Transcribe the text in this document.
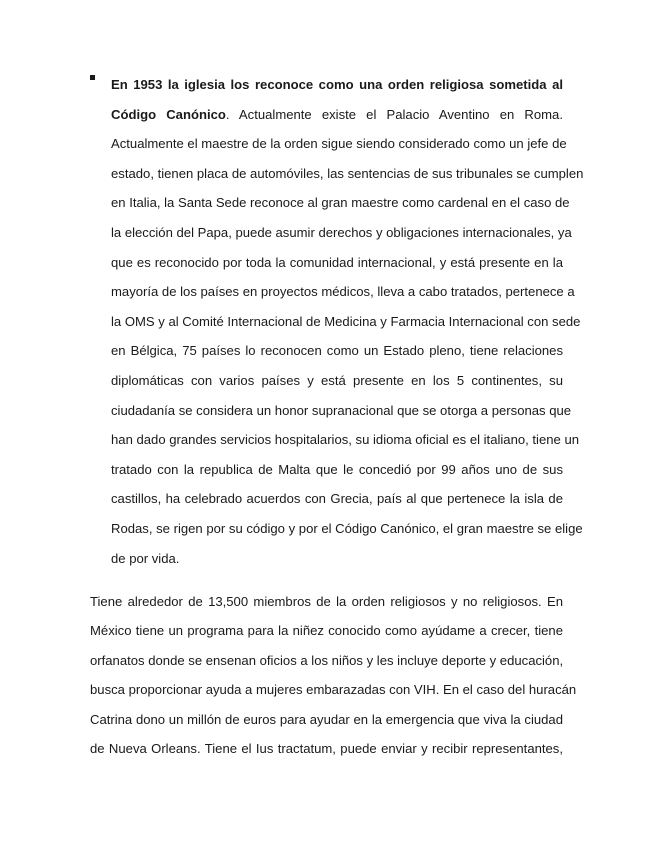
En 1953 la iglesia los reconoce como una orden religiosa sometida al
Código Canónico. Actualmente existe el Palacio Aventino en Roma.
Actualmente el maestre de la orden sigue siendo considerado como un jefe de
estado, tienen placa de automóviles, las sentencias de sus tribunales se cumplen
en Italia, la Santa Sede reconoce al gran maestre como cardenal en el caso de
la elección del Papa, puede asumir derechos y obligaciones internacionales, ya
que es reconocido por toda la comunidad internacional, y está presente en la
mayoría de los países en proyectos médicos, lleva a cabo tratados, pertenece a
la OMS y al Comité Internacional de Medicina y Farmacia Internacional con sede
en Bélgica, 75 países lo reconocen como un Estado pleno, tiene relaciones
diplomáticas con varios países y está presente en los 5 continentes, su
ciudadanía se considera un honor supranacional que se otorga a personas que
han dado grandes servicios hospitalarios, su idioma oficial es el italiano, tiene un
tratado con la republica de Malta que le concedió por 99 años uno de sus
castillos, ha celebrado acuerdos con Grecia, país al que pertenece la isla de
Rodas, se rigen por su código y por el Código Canónico, el gran maestre se elige
de por vida.
Tiene alrededor de 13,500 miembros de la orden religiosos y no religiosos. En
México tiene un programa para la niñez conocido como ayúdame a crecer, tiene
orfanatos donde se ensenan oficios a los niños y les incluye deporte y educación,
busca proporcionar ayuda a mujeres embarazadas con VIH. En el caso del huracán
Catrina dono un millón de euros para ayudar en la emergencia que viva la ciudad
de Nueva Orleans. Tiene el Ius tractatum, puede enviar y recibir representantes,
